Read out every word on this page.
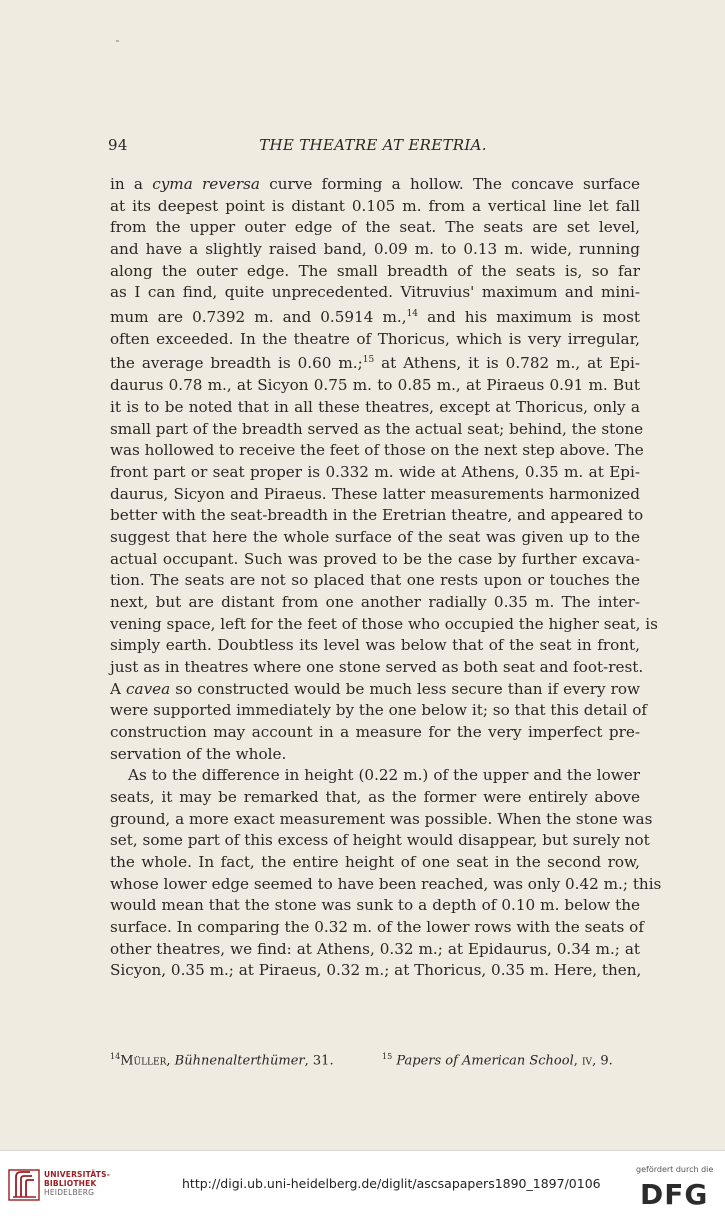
94	THE THEATRE AT ERETRIA.
in a cyma reversa curve forming a hollow. The concave surface
at its deepest point is distant 0.105 m. from a vertical line let fall
from the upper outer edge of the seat. The seats are set level,
and have a slightly raised band, 0.09 m. to 0.13 m. wide, running
along the outer edge. The small breadth of the seats is, so far
as I can find, quite unprecedented. Vitruvius' maximum and mini-
mum are 0.7392 m. and 0.5914 m.,$^{14}$ and his maximum is most
often exceeded. In the theatre of Thoricus, which is very irregular,
the average breadth is 0.60 m.;$^{15}$ at Athens, it is 0.782 m., at Epi-
daurus 0.78 m., at Sicyon 0.75 m. to 0.85 m., at Piraeus 0.91 m. But
it is to be noted that in all these theatres, except at Thoricus, only a
small part of the breadth served as the actual seat; behind, the stone
was hollowed to receive the feet of those on the next step above. The
front part or seat proper is 0.332 m. wide at Athens, 0.35 m. at Epi-
daurus, Sicyon and Piraeus. These latter measurements harmonized
better with the seat-breadth in the Eretrian theatre, and appeared to
suggest that here the whole surface of the seat was given up to the
actual occupant. Such was proved to be the case by further excava-
tion. The seats are not so placed that one rests upon or touches the
next, but are distant from one another radially 0.35 m. The inter-
vening space, left for the feet of those who occupied the higher seat, is
simply earth. Doubtless its level was below that of the seat in front,
just as in theatres where one stone served as both seat and foot-rest.
A cavea so constructed would be much less secure than if every row
were supported immediately by the one below it; so that this detail of
construction may account in a measure for the very imperfect pre-
servation of the whole.
As to the difference in height (0.22 m.) of the upper and the lower
seats, it may be remarked that, as the former were entirely above
ground, a more exact measurement was possible. When the stone was
set, some part of this excess of height would disappear, but surely not
the whole. In fact, the entire height of one seat in the second row,
whose lower edge seemed to have been reached, was only 0.42 m.; this
would mean that the stone was sunk to a depth of 0.10 m. below the
surface. In comparing the 0.32 m. of the lower rows with the seats of
other theatres, we find: at Athens, 0.32 m.; at Epidaurus, 0.34 m.; at
Sicyon, 0.35 m.; at Piraeus, 0.32 m.; at Thoricus, 0.35 m. Here, then,
$^{14}$Müller, Bühnenalterthümer, 31.	$^{15}$ Papers of American School, iv, 9.
UNIVERSITÄTS-
BIBLIOTHEK
HEIDELBERG
http://digi.ub.uni-heidelberg.de/diglit/ascsapapers1890_1897/0106
gefördert durch die
DFG
